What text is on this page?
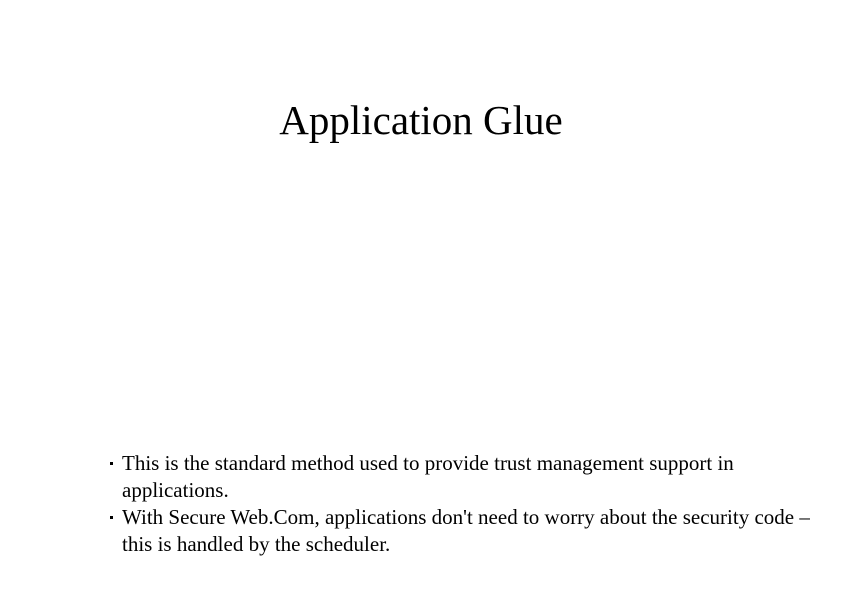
Application Glue
This is the standard method used to provide trust management support in applications.
With Secure Web.Com, applications don't need to worry about the security code – this is handled by the scheduler.
